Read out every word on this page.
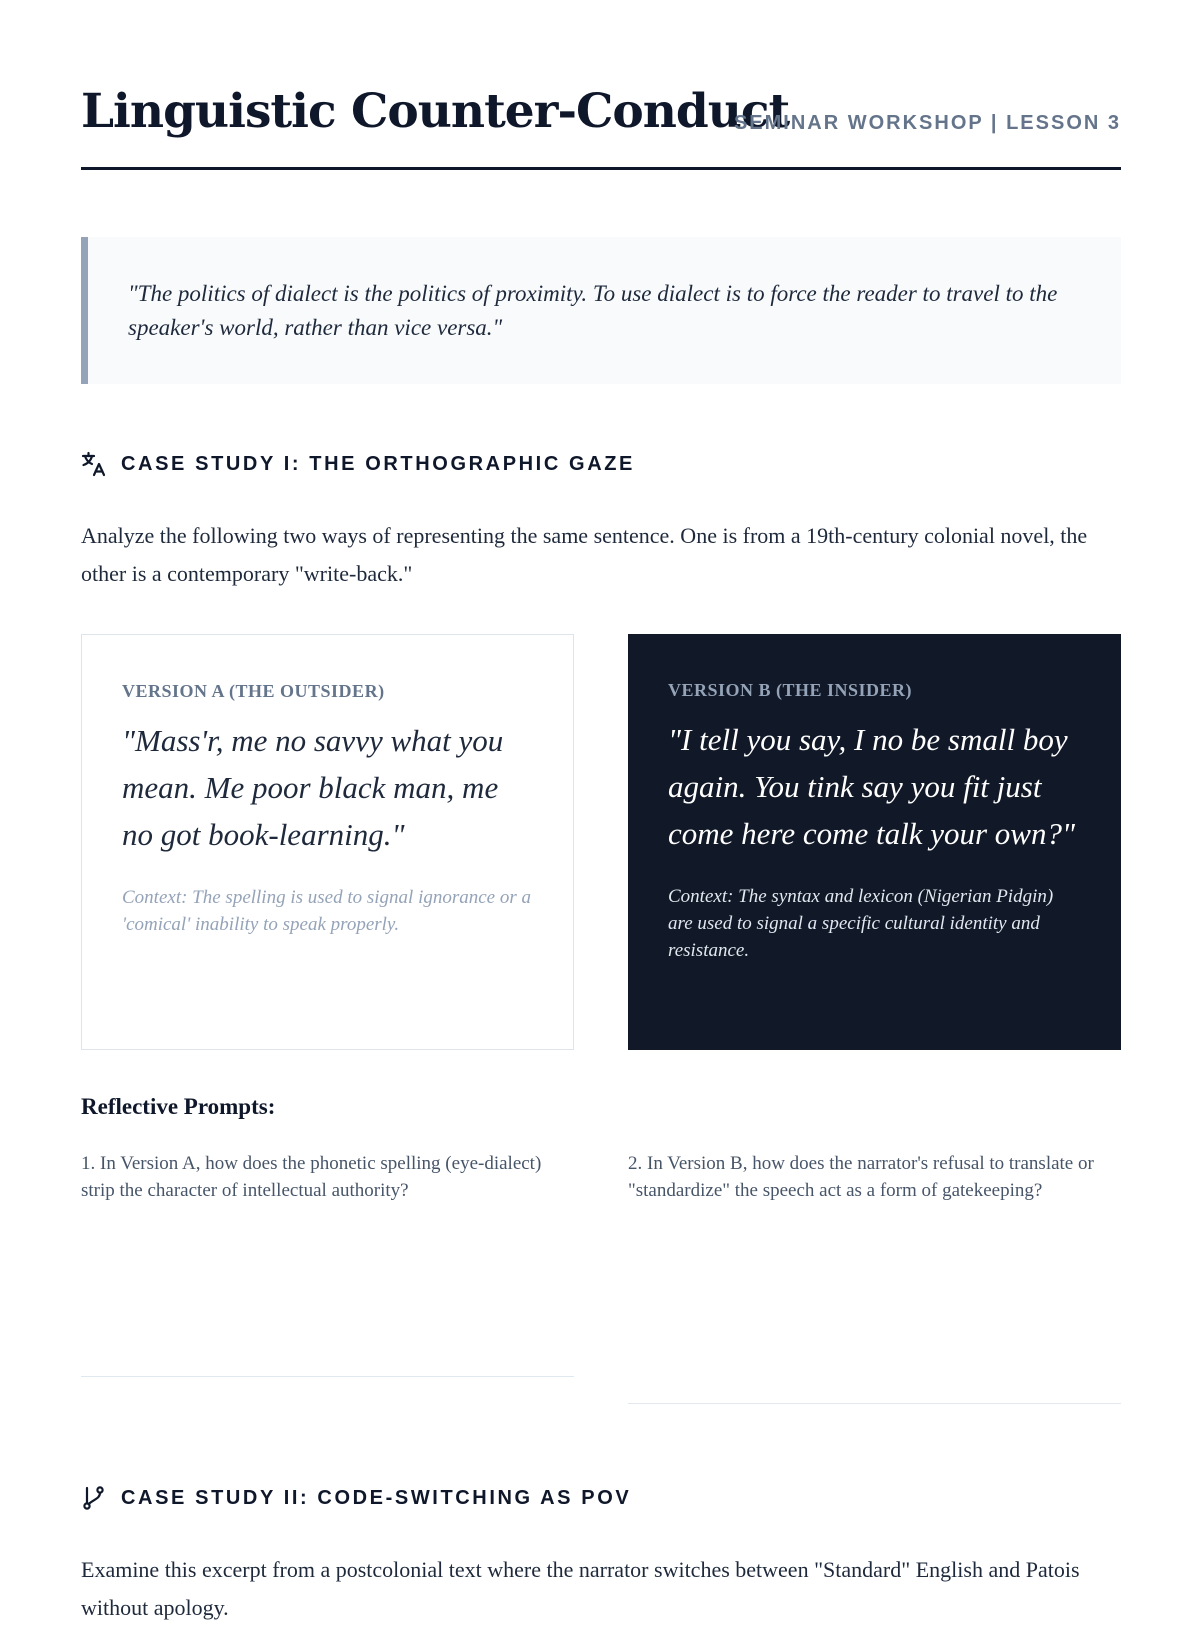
Linguistic Counter-Conduct
SEMINAR WORKSHOP | LESSON 3

"The politics of dialect is the politics of proximity. To use dialect is to force the reader to travel to the speaker's world, rather than vice versa."

CASE STUDY I: THE ORTHOGRAPHIC GAZE

Analyze the following two ways of representing the same sentence. One is from a 19th-century colonial novel, the other is a contemporary "write-back."

VERSION A (THE OUTSIDER)
"Mass'r, me no savvy what you mean. Me poor black man, me no got book-learning."
Context: The spelling is used to signal ignorance or a 'comical' inability to speak properly.
VERSION B (THE INSIDER)
"I tell you say, I no be small boy again. You tink say you fit just come here come talk your own?"
Context: The syntax and lexicon (Nigerian Pidgin) are used to signal a specific cultural identity and resistance.
Reflective Prompts:

1. In Version A, how does the phonetic spelling (eye-dialect) strip the character of intellectual authority?

2. In Version B, how does the narrator's refusal to translate or "standardize" the speech act as a form of gatekeeping?

CASE STUDY II: CODE-SWITCHING AS POV

Examine this excerpt from a postcolonial text where the narrator switches between "Standard" English and Patois without apology.
